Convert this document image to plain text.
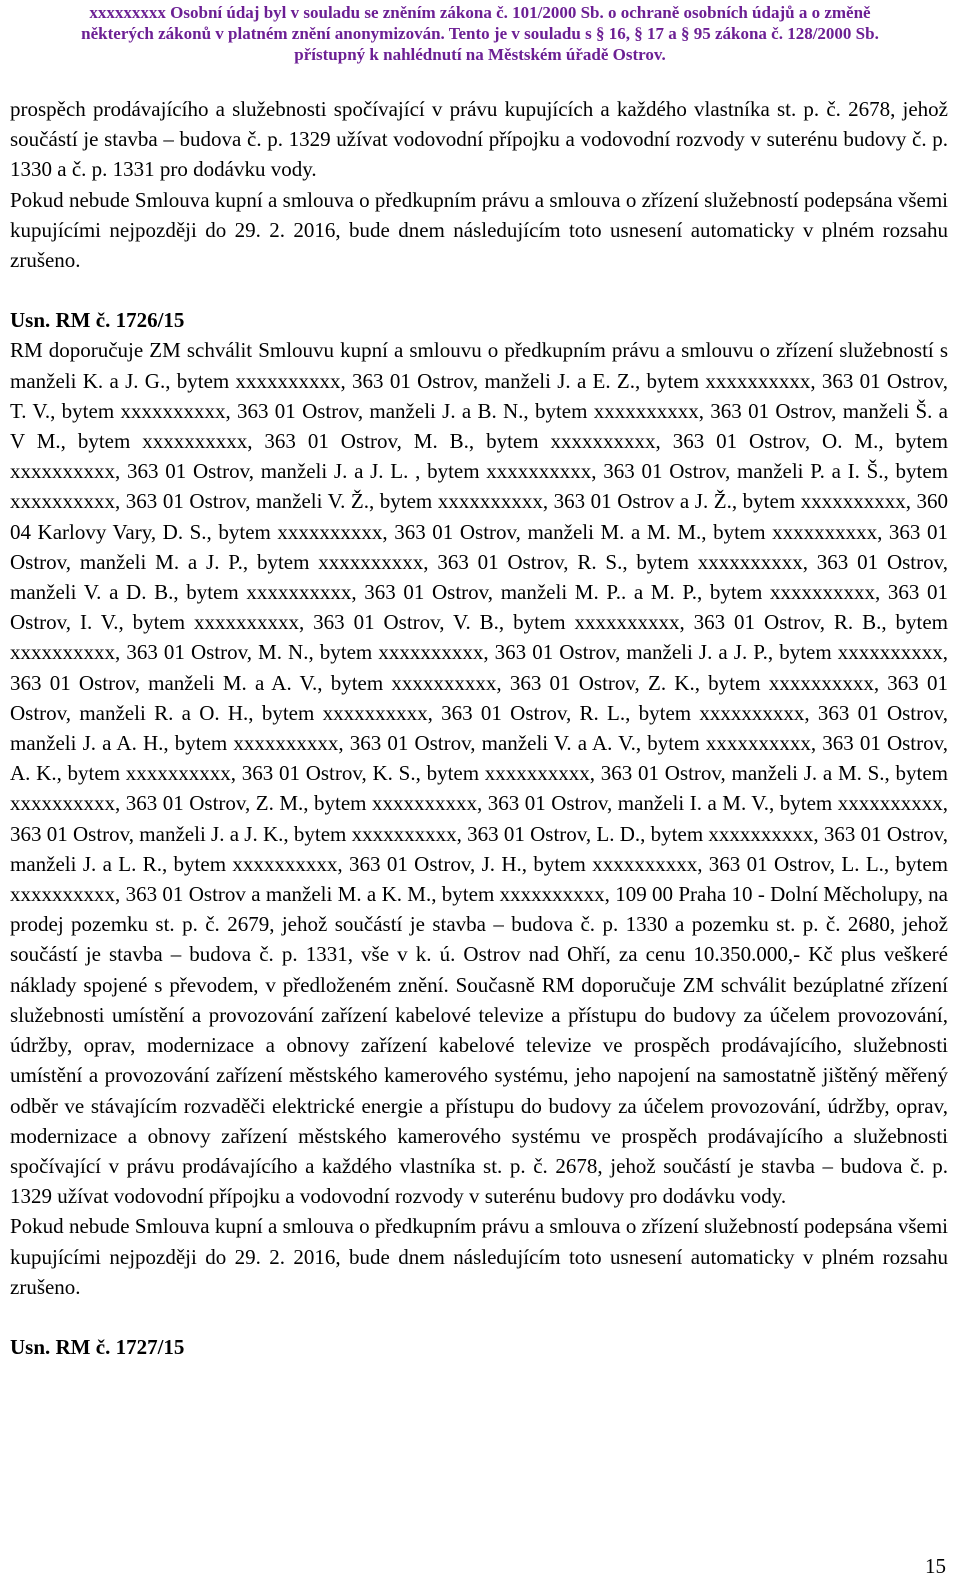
xxxxxxxxx Osobní údaj byl v souladu se zněním zákona č. 101/2000 Sb. o ochraně osobních údajů a o změně
některých zákonů v platném znění anonymizován. Tento je v souladu s § 16, § 17 a § 95 zákona č. 128/2000 Sb.
přístupný k nahlédnutí na Městském úřadě Ostrov.

prospěch prodávajícího a služebnosti spočívající v právu kupujících a každého vlastníka st. p. č. 2678, jehož součástí je stavba – budova č. p. 1329 užívat vodovodní přípojku a vodovodní rozvody v suterénu budovy č. p. 1330 a č. p. 1331 pro dodávku vody.

Pokud nebude Smlouva kupní a smlouva o předkupním právu a smlouva o zřízení služebností podepsána všemi kupujícími nejpozději do 29. 2. 2016, bude dnem následujícím toto usnesení automaticky v plném rozsahu zrušeno.

Usn. RM č. 1726/15

RM doporučuje ZM schválit Smlouvu kupní a smlouvu o předkupním právu a smlouvu o zřízení služebností s manželi K. a J. G., bytem xxxxxxxxxx, 363 01 Ostrov, manželi J. a E. Z., bytem xxxxxxxxxx, 363 01 Ostrov, T. V., bytem xxxxxxxxxx, 363 01 Ostrov, manželi J. a B. N., bytem xxxxxxxxxx, 363 01 Ostrov, manželi Š. a V M., bytem xxxxxxxxxx, 363 01 Ostrov, M. B., bytem xxxxxxxxxx, 363 01 Ostrov, O. M., bytem xxxxxxxxxx, 363 01 Ostrov, manželi J. a J. L. , bytem xxxxxxxxxx, 363 01 Ostrov, manželi P. a I. Š., bytem xxxxxxxxxx, 363 01 Ostrov, manželi V. Ž., bytem xxxxxxxxxx, 363 01 Ostrov a J. Ž., bytem xxxxxxxxxx, 360 04 Karlovy Vary, D. S., bytem xxxxxxxxxx, 363 01 Ostrov, manželi M. a M. M., bytem xxxxxxxxxx, 363 01 Ostrov, manželi M. a J. P., bytem xxxxxxxxxx, 363 01 Ostrov, R. S., bytem xxxxxxxxxx, 363 01 Ostrov, manželi V. a D. B., bytem xxxxxxxxxx, 363 01 Ostrov, manželi M. P.. a M. P., bytem xxxxxxxxxx, 363 01 Ostrov, I. V., bytem xxxxxxxxxx, 363 01 Ostrov, V. B., bytem xxxxxxxxxx, 363 01 Ostrov, R. B., bytem xxxxxxxxxx, 363 01 Ostrov, M. N., bytem xxxxxxxxxx, 363 01 Ostrov, manželi J. a J. P., bytem xxxxxxxxxx, 363 01 Ostrov, manželi M. a A. V., bytem xxxxxxxxxx, 363 01 Ostrov, Z. K., bytem xxxxxxxxxx, 363 01 Ostrov, manželi R. a O. H., bytem xxxxxxxxxx, 363 01 Ostrov, R. L., bytem xxxxxxxxxx, 363 01 Ostrov, manželi J. a A. H., bytem xxxxxxxxxx, 363 01 Ostrov, manželi V. a A. V., bytem xxxxxxxxxx, 363 01 Ostrov, A. K., bytem xxxxxxxxxx, 363 01 Ostrov, K. S., bytem xxxxxxxxxx, 363 01 Ostrov, manželi J. a M. S., bytem xxxxxxxxxx, 363 01 Ostrov, Z. M., bytem xxxxxxxxxx, 363 01 Ostrov, manželi I. a M. V., bytem xxxxxxxxxx, 363 01 Ostrov, manželi J. a J. K., bytem xxxxxxxxxx, 363 01 Ostrov, L. D., bytem xxxxxxxxxx, 363 01 Ostrov, manželi J. a L. R., bytem xxxxxxxxxx, 363 01 Ostrov, J. H., bytem xxxxxxxxxx, 363 01 Ostrov, L. L., bytem xxxxxxxxxx, 363 01 Ostrov a manželi M. a K. M., bytem xxxxxxxxxx, 109 00 Praha 10 - Dolní Měcholupy, na prodej pozemku st. p. č. 2679, jehož součástí je stavba – budova č. p. 1330 a pozemku st. p. č. 2680, jehož součástí je stavba – budova č. p. 1331, vše v k. ú. Ostrov nad Ohří, za cenu 10.350.000,- Kč plus veškeré náklady spojené s převodem, v předloženém znění. Současně RM doporučuje ZM schválit bezúplatné zřízení služebnosti umístění a provozování zařízení kabelové televize a přístupu do budovy za účelem provozování, údržby, oprav, modernizace a obnovy zařízení kabelové televize ve prospěch prodávajícího, služebnosti umístění a provozování zařízení městského kamerového systému, jeho napojení na samostatně jištěný měřený odběr ve stávajícím rozvaděči elektrické energie a přístupu do budovy za účelem provozování, údržby, oprav, modernizace a obnovy zařízení městského kamerového systému ve prospěch prodávajícího a služebnosti spočívající v právu prodávajícího a každého vlastníka st. p. č. 2678, jehož součástí je stavba – budova č. p. 1329 užívat vodovodní přípojku a vodovodní rozvody v suterénu budovy pro dodávku vody.

Pokud nebude Smlouva kupní a smlouva o předkupním právu a smlouva o zřízení služebností podepsána všemi kupujícími nejpozději do 29. 2. 2016, bude dnem následujícím toto usnesení automaticky v plném rozsahu zrušeno.

Usn. RM č. 1727/15

15
